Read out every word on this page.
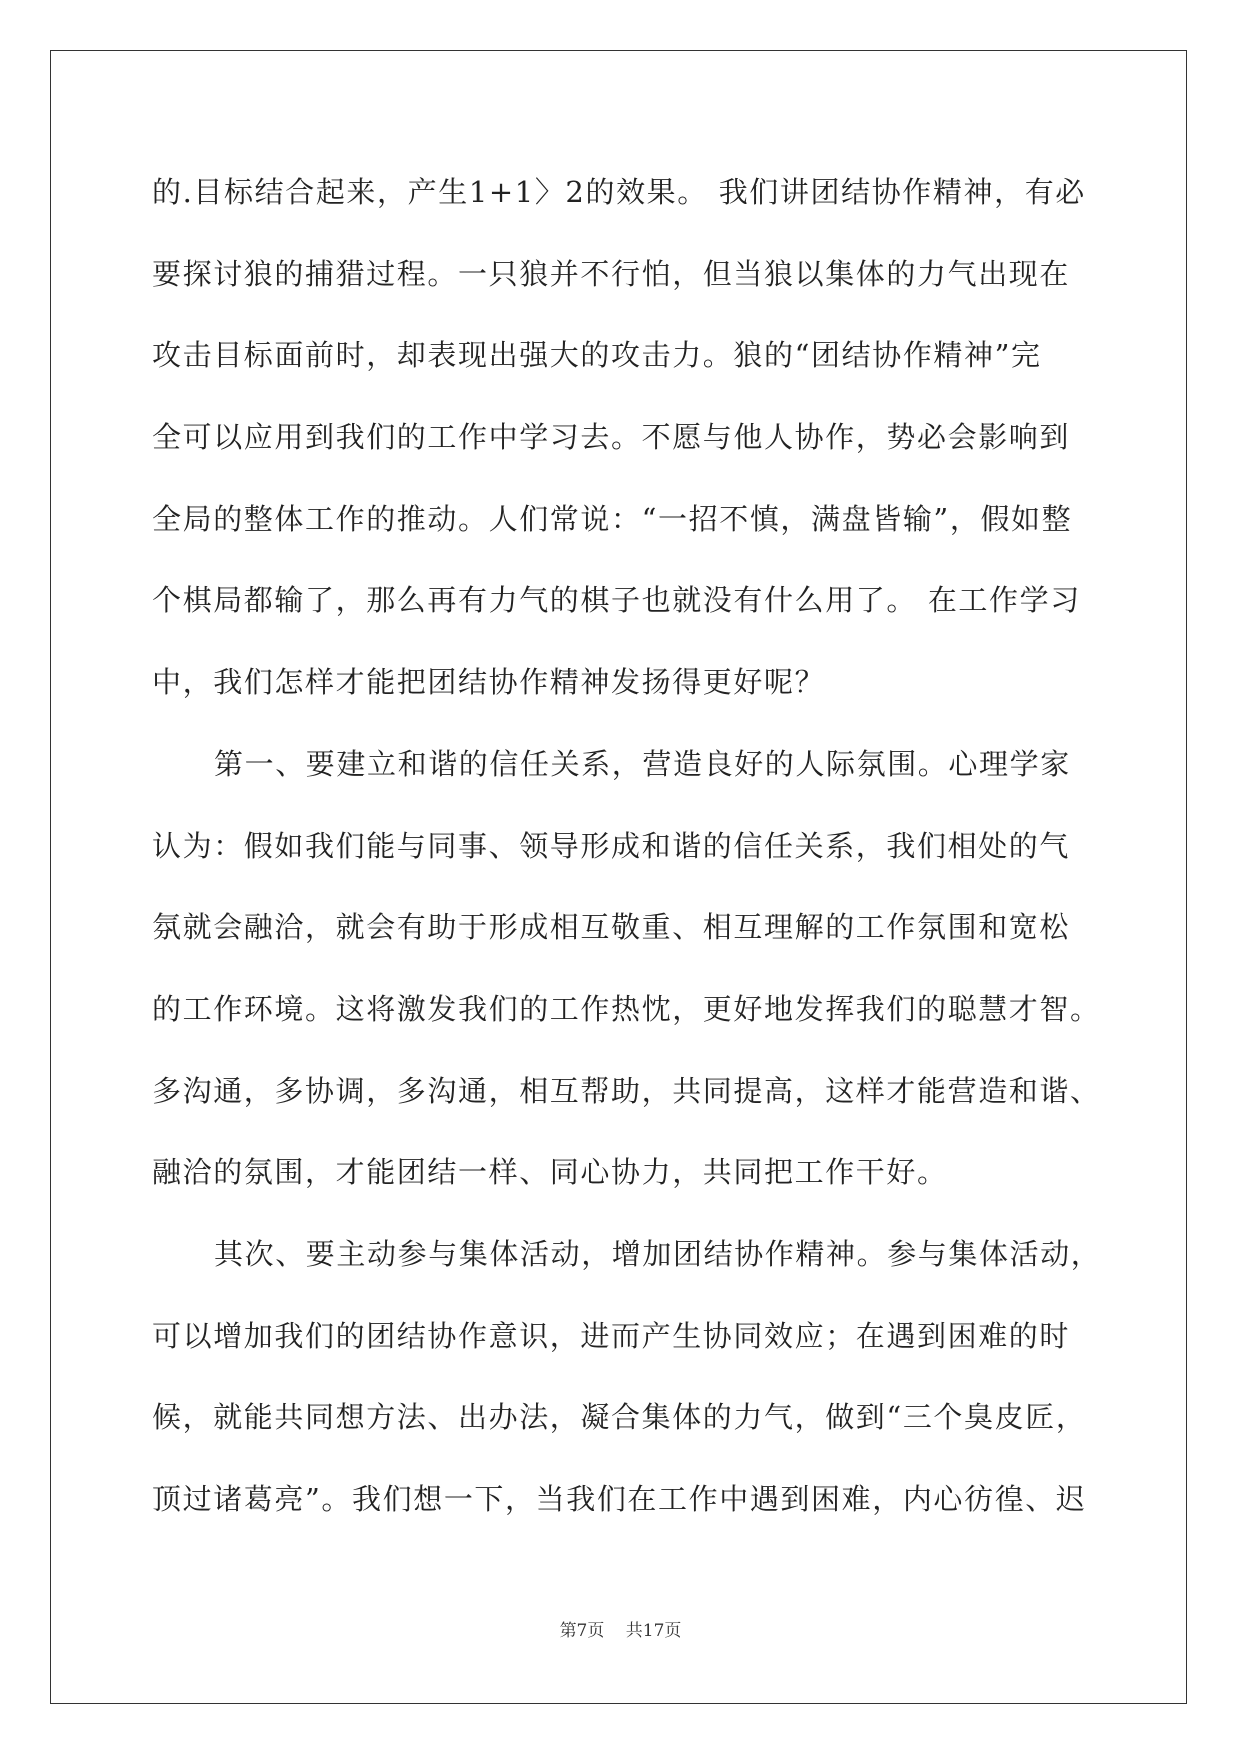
的.目标结合起来，产生1+1〉2的效果。 我们讲团结协作精神，有必
要探讨狼的捕猎过程。一只狼并不行怕，但当狼以集体的力气出现在
攻击目标面前时，却表现出强大的攻击力。狼的“团结协作精神”完
全可以应用到我们的工作中学习去。不愿与他人协作，势必会影响到
全局的整体工作的推动。人们常说：“一招不慎，满盘皆输”，假如整
个棋局都输了，那么再有力气的棋子也就没有什么用了。 在工作学习
中，我们怎样才能把团结协作精神发扬得更好呢？
第一、要建立和谐的信任关系，营造良好的人际氛围。心理学家
认为：假如我们能与同事、领导形成和谐的信任关系，我们相处的气
氛就会融洽，就会有助于形成相互敬重、相互理解的工作氛围和宽松
的工作环境。这将激发我们的工作热忱，更好地发挥我们的聪慧才智。
多沟通，多协调，多沟通，相互帮助，共同提高，这样才能营造和谐、
融洽的氛围，才能团结一样、同心协力，共同把工作干好。
其次、要主动参与集体活动，增加团结协作精神。参与集体活动，
可以增加我们的团结协作意识，进而产生协同效应；在遇到困难的时
候，就能共同想方法、出办法，凝合集体的力气，做到“三个臭皮匠，
顶过诸葛亮”。我们想一下，当我们在工作中遇到困难，内心彷徨、迟
第7页 共17页
